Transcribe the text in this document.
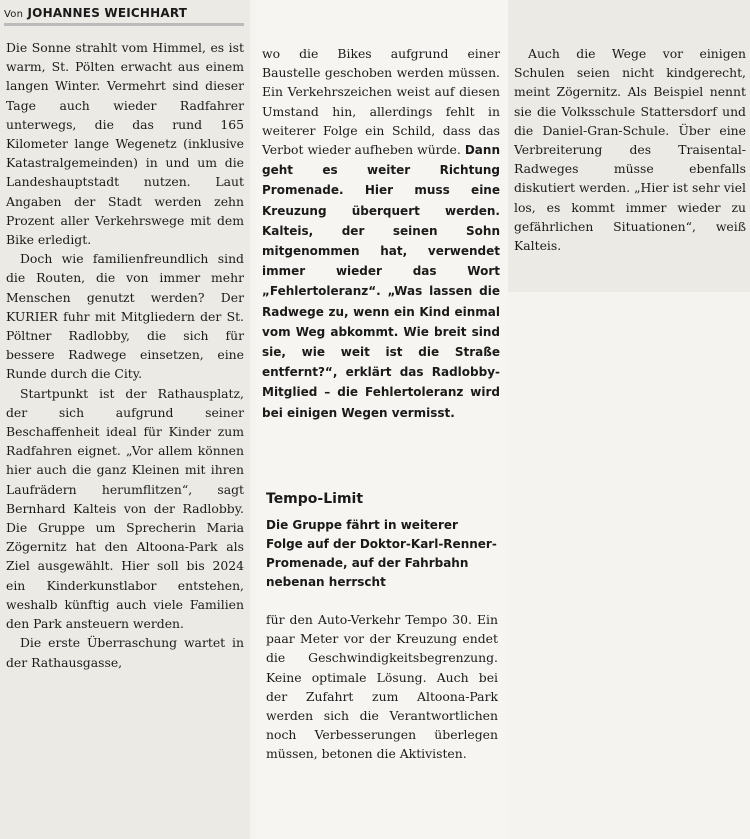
Von JOHANNES WEICHHART

Die Sonne strahlt vom Himmel, es ist warm, St. Pölten erwacht aus einem langen Winter. Vermehrt sind dieser Tage auch wieder Radfahrer unterwegs, die das rund 165 Kilometer lange Wegenetz (inklusive Katastralgemeinden) in und um die Landeshauptstadt nutzen. Laut Angaben der Stadt werden zehn Prozent aller Verkehrswege mit dem Bike erledigt.

Doch wie familienfreundlich sind die Routen, die von immer mehr Menschen genutzt werden? Der KURIER fuhr mit Mitgliedern der St. Pöltner Radlobby, die sich für bessere Radwege einsetzen, eine Runde durch die City.

Startpunkt ist der Rathausplatz, der sich aufgrund seiner Beschaffenheit ideal für Kinder zum Radfahren eignet. „Vor allem können hier auch die ganz Kleinen mit ihren Laufrädern herumflitzen“, sagt Bernhard Kalteis von der Radlobby. Die Gruppe um Sprecherin Maria Zögernitz hat den Altoona-Park als Ziel ausgewählt. Hier soll bis 2024 ein Kinderkunstlabor entstehen, weshalb künftig auch viele Familien den Park ansteuern werden.

Die erste Überraschung wartet in der Rathausgasse,

wo die Bikes aufgrund einer Baustelle geschoben werden müssen. Ein Verkehrszeichen weist auf diesen Umstand hin, allerdings fehlt in weiterer Folge ein Schild, dass das Verbot wieder aufheben würde. Dann geht es weiter Richtung Promenade. Hier muss eine Kreuzung überquert werden. Kalteis, der seinen Sohn mitgenommen hat, verwendet immer wieder das Wort „Fehlertoleranz“. „Was lassen die Radwege zu, wenn ein Kind einmal vom Weg abkommt. Wie breit sind sie, wie weit ist die Straße entfernt?“, erklärt das Radlobby-Mitglied – die Fehlertoleranz wird bei einigen Wegen vermisst.

Tempo-Limit
Die Gruppe fährt in weiterer Folge auf der Doktor-Karl-Renner-Promenade, auf der Fahrbahn nebenan herrscht

für den Auto-Verkehr Tempo 30. Ein paar Meter vor der Kreuzung endet die Geschwindigkeitsbegrenzung. Keine optimale Lösung. Auch bei der Zufahrt zum Altoona-Park werden sich die Verantwortlichen noch Verbesserungen überlegen müssen, betonen die Aktivisten.

Auch die Wege vor einigen Schulen seien nicht kindgerecht, meint Zögernitz. Als Beispiel nennt sie die Volksschule Stattersdorf und die Daniel-Gran-Schule. Über eine Verbreiterung des Traisental-Radweges müsse ebenfalls diskutiert werden. „Hier ist sehr viel los, es kommt immer wieder zu gefährlichen Situationen“, weiß Kalteis.
